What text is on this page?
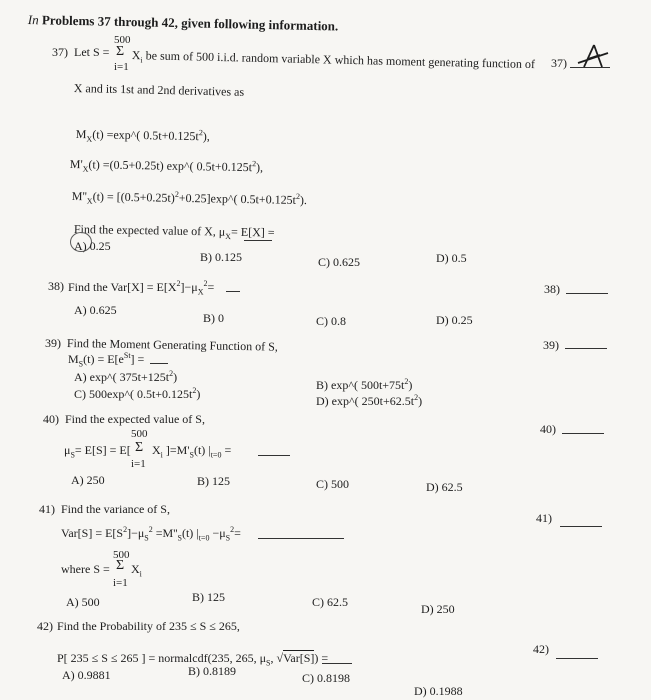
In Problems 37 through 42, given following information.
37) Let S =
500
Σ
i=1
$X_i$ be sum of 500 i.i.d. random variable X which has moment generating function of
X and its 1st and 2nd derivatives as
$M_X(t)$ =exp^( $0.5t+0.125t^2$),
$M'_X(t) =(0.5+0.25t)$ exp^( $0.5t+0.125t^2$),
$M''_X(t)$ = $[(0.5+0.25t)^2+0.25]\exp\^{}$( $0.5t+0.125t^2$).
Find the expected value of X, $\mu_X= E[X]$ =
A) 0.25
B) 0.125	C) 0.625	D) 0.5
37)
38) Find the $Var[X] = E[X^2]-\mu_X^2=$
A) 0.625
B) 0	C) 0.8	D) 0.25
38)
39) Find the Moment Generating Function of S,
$M_S(t) = E[e^{St}]$ =
A) exp^( $375t+125t^2$)
B) exp^( $500t+75t^2$)
C) 500exp^( $0.5t+0.125t^2$)	D) exp^( $250t+62.5t^2$)
39)
40) Find the expected value of S,
500
$\mu_S= E[S] = E$[ Σ $X_i$ ]$=M'_S(t) |_{t=0}$ =
i=1
A) 250	B) 125	C) 500	D) 62.5
40)
41) Find the variance of S,
$Var[S] = E[S^2]-\mu_S^2 =M''_S(t)$ $|_{t=0} -\mu_S^2=$
where S =
500
Σ
i=1
$X_i$
A) 500	B) 125	C) 62.5	D) 250
41)
42) Find the Probability of 235 ≤ S ≤ 265,
P[ 235 ≤ S ≤ 265 ] = normalcdf(235, 265, $\mu_S$, √Var[S]) =
A) 0.9881	B) 0.8189	C) 0.8198
D) 0.1988
42)
